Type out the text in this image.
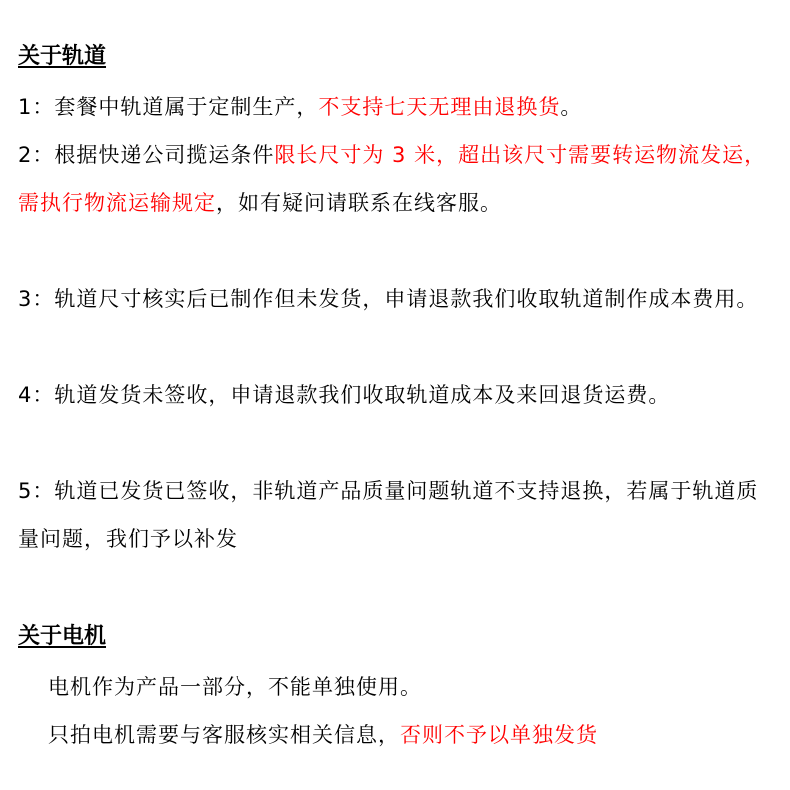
关于轨道
1：套餐中轨道属于定制生产，不支持七天无理由退换货。
2：根据快递公司揽运条件限长尺寸为 3 米，超出该尺寸需要转运物流发运，需执行物流运输规定，如有疑问请联系在线客服。
3：轨道尺寸核实后已制作但未发货，申请退款我们收取轨道制作成本费用。
4：轨道发货未签收，申请退款我们收取轨道成本及来回退货运费。
5：轨道已发货已签收，非轨道产品质量问题轨道不支持退换，若属于轨道质量问题，我们予以补发
关于电机
电机作为产品一部分，不能单独使用。
只拍电机需要与客服核实相关信息，否则不予以单独发货
